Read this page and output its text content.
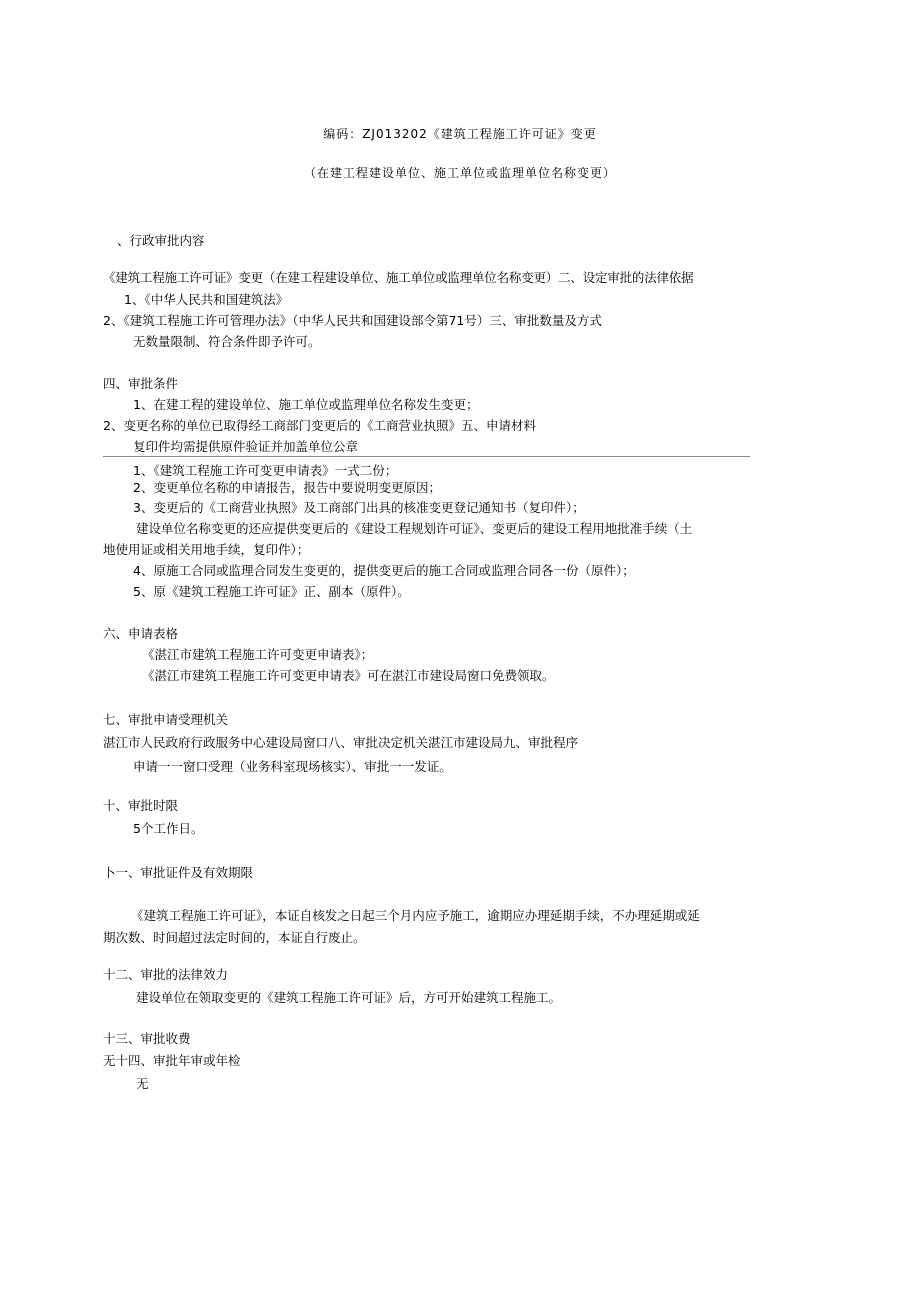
编码：ZJ013202《建筑工程施工许可证》变更
（在建工程建设单位、施工单位或监理单位名称变更）
、行政审批内容
《建筑工程施工许可证》变更（在建工程建设单位、施工单位或监理单位名称变更）二、设定审批的法律依据
1、《中华人民共和国建筑法》
2、《建筑工程施工许可管理办法》（中华人民共和国建设部令第71号）三、审批数量及方式
无数量限制、符合条件即予许可。
四、审批条件
1、在建工程的建设单位、施工单位或监理单位名称发生变更；
2、变更名称的单位已取得经工商部门变更后的《工商营业执照》五、申请材料
复印件均需提供原件验证并加盖单位公章
1、《建筑工程施工许可变更申请表》一式二份；
2、变更单位名称的申请报告，报告中要说明变更原因；
3、变更后的《工商营业执照》及工商部门出具的核准变更登记通知书（复印件）；
建设单位名称变更的还应提供变更后的《建设工程规划许可证》、变更后的建设工程用地批准手续（土
地使用证或相关用地手续，复印件）；
4、原施工合同或监理合同发生变更的，提供变更后的施工合同或监理合同各一份（原件）；
5、原《建筑工程施工许可证》正、副本（原件）。
六、申请表格
《湛江市建筑工程施工许可变更申请表》；
《湛江市建筑工程施工许可变更申请表》可在湛江市建设局窗口免费领取。
七、审批申请受理机关
湛江市人民政府行政服务中心建设局窗口八、审批决定机关湛江市建设局九、审批程序
申请一一窗口受理（业务科室现场核实）、审批一一发证。
十、审批时限
5个工作日。
卜一、审批证件及有效期限
《建筑工程施工许可证》，本证自核发之日起三个月内应予施工，逾期应办理延期手续，不办理延期或延
期次数、时间超过法定时间的，本证自行废止。
十二、审批的法律效力
建设单位在领取变更的《建筑工程施工许可证》后，方可开始建筑工程施工。
十三、审批收费
无十四、审批年审或年检
无
